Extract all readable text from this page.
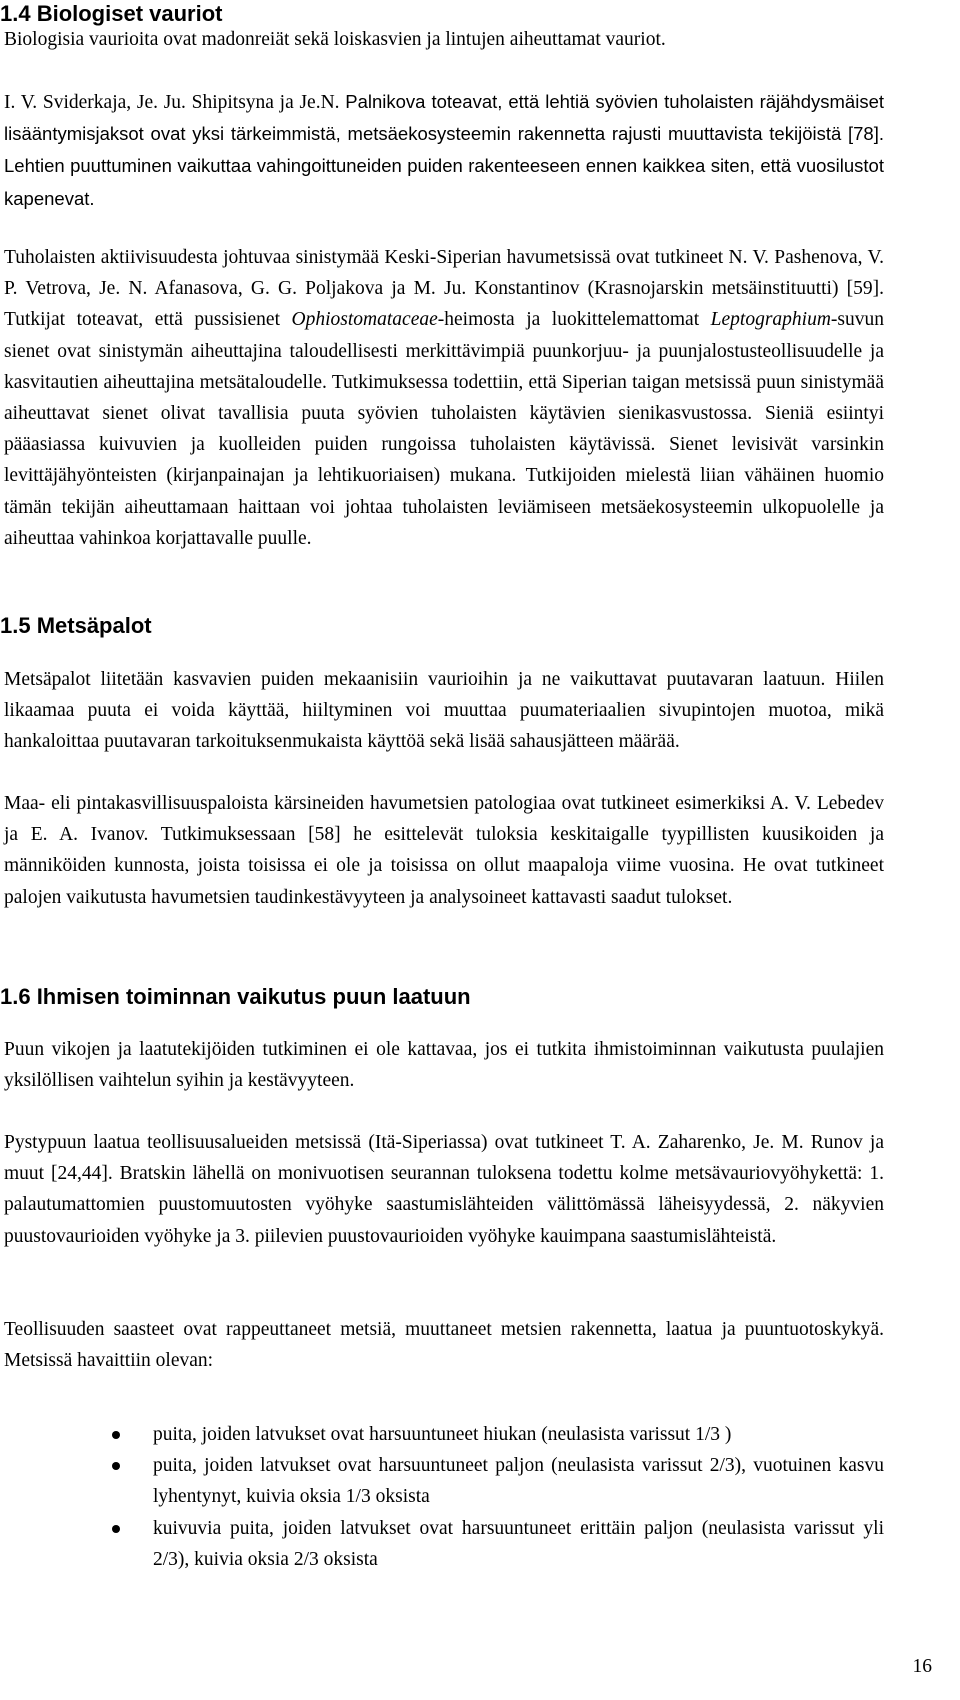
1.4 Biologiset vauriot

Biologisia vaurioita ovat madonreiät sekä loiskasvien ja lintujen aiheuttamat vauriot.

I. V. Sviderkaja, Je. Ju. Shipitsyna ja Je.N. Palnikova toteavat, että lehtiä syövien tuholaisten räjähdysmäiset lisääntymisjaksot ovat yksi tärkeimmistä, metsäekosysteemin rakennetta rajusti muuttavista tekijöistä [78]. Lehtien puuttuminen vaikuttaa vahingoittuneiden puiden rakenteeseen ennen kaikkea siten, että vuosilustot kapenevat.

Tuholaisten aktiivisuudesta johtuvaa sinistymää Keski-Siperian havumetsissä ovat tutkineet N. V. Pashenova, V. P. Vetrova, Je. N. Afanasova, G. G. Poljakova ja M. Ju. Konstantinov (Krasnojarskin metsäinstituutti) [59]. Tutkijat toteavat, että pussisienet Ophiostomataceae-heimosta ja luokittelemattomat Leptographium-suvun sienet ovat sinistymän aiheuttajina taloudellisesti merkittävimpiä puunkorjuu- ja puunjalostusteollisuudelle ja kasvitautien aiheuttajina metsätaloudelle. Tutkimuksessa todettiin, että Siperian taigan metsissä puun sinistymää aiheuttavat sienet olivat tavallisia puuta syövien tuholaisten käytävien sienikasvustossa. Sieniä esiintyi pääasiassa kuivuvien ja kuolleiden puiden rungoissa tuholaisten käytävissä. Sienet levisivät varsinkin levittäjähyönteisten (kirjanpainajan ja lehtikuoriaisen) mukana. Tutkijoiden mielestä liian vähäinen huomio tämän tekijän aiheuttamaan haittaan voi johtaa tuholaisten leviämiseen metsäekosysteemin ulkopuolelle ja aiheuttaa vahinkoa korjattavalle puulle.

1.5 Metsäpalot

Metsäpalot liitetään kasvavien puiden mekaanisiin vaurioihin ja ne vaikuttavat puutavaran laatuun. Hiilen likaamaa puuta ei voida käyttää, hiiltyminen voi muuttaa puumateriaalien sivupintojen muotoa, mikä hankaloittaa puutavaran tarkoituksenmukaista käyttöä sekä lisää sahausjätteen määrää.

Maa- eli pintakasvillisuuspaloista kärsineiden havumetsien patologiaa ovat tutkineet esimerkiksi A. V. Lebedev ja E. A. Ivanov. Tutkimuksessaan [58] he esittelevät tuloksia keskitaigalle tyypillisten kuusikoiden ja männiköiden kunnosta, joista toisissa ei ole ja toisissa on ollut maapaloja viime vuosina. He ovat tutkineet palojen vaikutusta havumetsien taudinkestävyyteen ja analysoineet kattavasti saadut tulokset.

1.6 Ihmisen toiminnan vaikutus puun laatuun

Puun vikojen ja laatutekijöiden tutkiminen ei ole kattavaa, jos ei tutkita ihmistoiminnan vaikutusta puulajien yksilöllisen vaihtelun syihin ja kestävyyteen.

Pystypuun laatua teollisuusalueiden metsissä (Itä-Siperiassa) ovat tutkineet T. A. Zaharenko, Je. M. Runov ja muut [24,44]. Bratskin lähellä on monivuotisen seurannan tuloksena todettu kolme metsävauriovyöhykettä: 1. palautumattomien puustomuutosten vyöhyke saastumislähteiden välittömässä läheisyydessä, 2. näkyvien puustovaurioiden vyöhyke ja 3. piilevien puustovaurioiden vyöhyke kauimpana saastumislähteistä.

Teollisuuden saasteet ovat rappeuttaneet metsiä, muuttaneet metsien rakennetta, laatua ja puuntuotoskykyä. Metsissä havaittiin olevan:

puita, joiden latvukset ovat harsuuntuneet hiukan (neulasista varissut 1/3 )
puita, joiden latvukset ovat harsuuntuneet paljon (neulasista varissut 2/3), vuotuinen kasvu lyhentynyt, kuivia oksia 1/3 oksista
kuivuvia puita, joiden latvukset ovat harsuuntuneet erittäin paljon (neulasista varissut yli 2/3), kuivia oksia 2/3 oksista
16
